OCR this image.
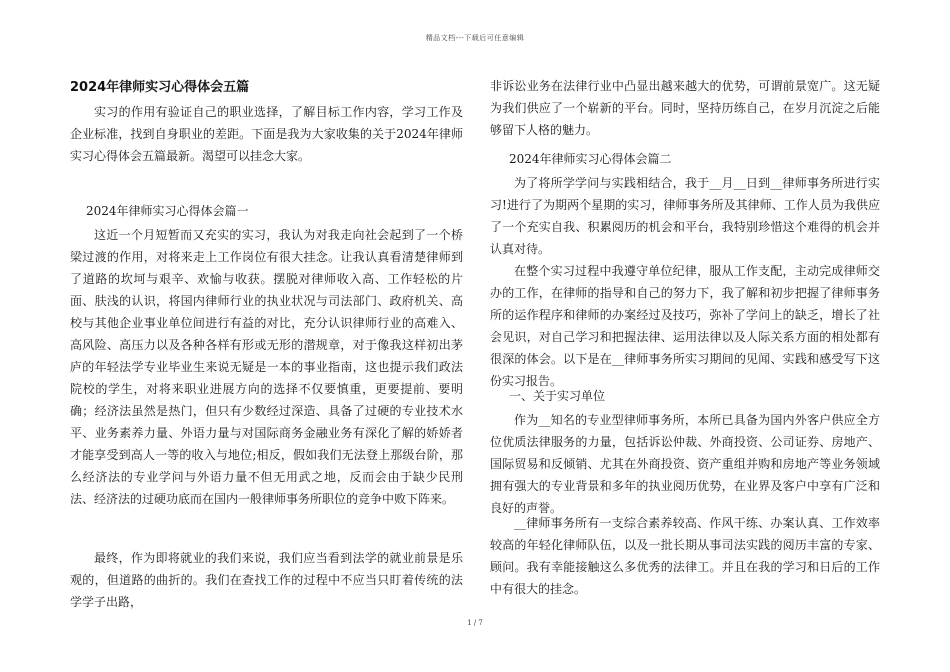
精品文档---下载后可任意编辑
2024年律师实习心得体会五篇

实习的作用有验证自己的职业选择，了解目标工作内容，学习工作及企业标准，找到自身职业的差距。下面是我为大家收集的关于2024年律师实习心得体会五篇最新。渴望可以挂念大家。

2024年律师实习心得体会篇一

这近一个月短暂而又充实的实习，我认为对我走向社会起到了一个桥梁过渡的作用，对将来走上工作岗位有很大挂念。让我认真看清楚律师到了道路的坎坷与艰辛、欢愉与收获。摆脱对律师收入高、工作轻松的片面、肤浅的认识，将国内律师行业的执业状况与司法部门、政府机关、高校与其他企业事业单位间进行有益的对比，充分认识律师行业的高难入、高风险、高压力以及各种各样有形或无形的潜规章，对于像我这样初出茅庐的年轻法学专业毕业生来说无疑是一本的事业指南，这也提示我们政法院校的学生，对将来职业进展方向的选择不仅要慎重，更要提前、要明确；经济法虽然是热门，但只有少数经过深造、具备了过硬的专业技术水平、业务素养力量、外语力量与对国际商务金融业务有深化了解的娇娇者才能享受到高人一等的收入与地位;相反，假如我们无法登上那级台阶，那么经济法的专业学问与外语力量不但无用武之地，反而会由于缺少民刑法、经济法的过硬功底而在国内一般律师事务所职位的竞争中败下阵来。

最终，作为即将就业的我们来说，我们应当看到法学的就业前景是乐观的，但道路的曲折的。我们在查找工作的过程中不应当只盯着传统的法学学子出路，

非诉讼业务在法律行业中凸显出越来越大的优势，可谓前景宽广。这无疑为我们供应了一个崭新的平台。同时，坚持历练自己，在岁月沉淀之后能够留下人格的魅力。

2024年律师实习心得体会篇二

为了将所学学问与实践相结合，我于__月__日到__律师事务所进行实习!进行了为期两个星期的实习，律师事务所及其律师、工作人员为我供应了一个充实自我、积累阅历的机会和平台，我特别珍惜这个难得的机会并认真对待。

在整个实习过程中我遵守单位纪律，服从工作支配，主动完成律师交办的工作，在律师的指导和自己的努力下，我了解和初步把握了律师事务所的运作程序和律师的办案经过及技巧，弥补了学问上的缺乏，增长了社会见识，对自己学习和把握法律、运用法律以及人际关系方面的相处都有很深的体会。以下是在__律师事务所实习期间的见闻、实践和感受写下这份实习报告。

一、关于实习单位

作为__知名的专业型律师事务所，本所已具备为国内外客户供应全方位优质法律服务的力量，包括诉讼仲裁、外商投资、公司证券、房地产、国际贸易和反倾销、尤其在外商投资、资产重组并购和房地产等业务领域拥有强大的专业背景和多年的执业阅历优势，在业界及客户中享有广泛和良好的声誉。

__律师事务所有一支综合素养较高、作风干练、办案认真、工作效率较高的年轻化律师队伍，以及一批长期从事司法实践的阅历丰富的专家、顾问。我有幸能接触这么多优秀的法律工。并且在我的学习和日后的工作中有很大的挂念。

1 / 7
